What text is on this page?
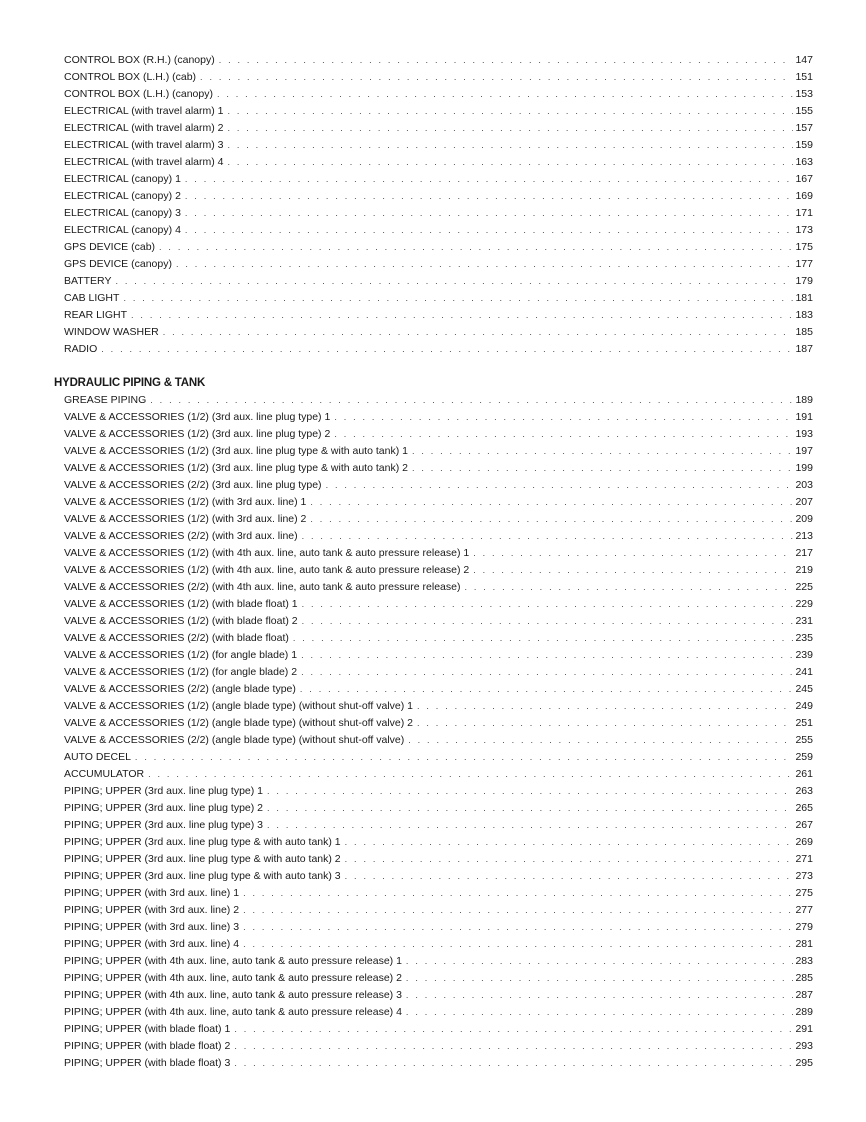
HYDRAULIC PIPING & TANK
CONTROL BOX (R.H.) (canopy) . . .	147
CONTROL BOX (L.H.) (cab) . . .	151
CONTROL BOX (L.H.) (canopy) . . .	153
ELECTRICAL (with travel alarm) 1 . . .	155
ELECTRICAL (with travel alarm) 2 . . .	157
ELECTRICAL (with travel alarm) 3 . . .	159
ELECTRICAL (with travel alarm) 4 . . .	163
ELECTRICAL (canopy) 1 . . .	167
ELECTRICAL (canopy) 2 . . .	169
ELECTRICAL (canopy) 3 . . .	171
ELECTRICAL (canopy) 4 . . .	173
GPS DEVICE (cab) . . .	175
GPS DEVICE (canopy) . . .	177
BATTERY . . .	179
CAB LIGHT . . .	181
REAR LIGHT . . .	183
WINDOW WASHER . . .	185
RADIO . . .	187
GREASE PIPING . . .	189
VALVE & ACCESSORIES (1/2) (3rd aux. line plug type) 1 . . .	191
VALVE & ACCESSORIES (1/2) (3rd aux. line plug type) 2 . . .	193
VALVE & ACCESSORIES (1/2) (3rd aux. line plug type & with auto tank) 1 . . .	197
VALVE & ACCESSORIES (1/2) (3rd aux. line plug type & with auto tank) 2 . . .	199
VALVE & ACCESSORIES (2/2) (3rd aux. line plug type) . . .	203
VALVE & ACCESSORIES (1/2) (with 3rd aux. line) 1 . . .	207
VALVE & ACCESSORIES (1/2) (with 3rd aux. line) 2 . . .	209
VALVE & ACCESSORIES (2/2) (with 3rd aux. line) . . .	213
VALVE & ACCESSORIES (1/2) (with 4th aux. line, auto tank & auto pressure release) 1 . . .	217
VALVE & ACCESSORIES (1/2) (with 4th aux. line, auto tank & auto pressure release) 2 . . .	219
VALVE & ACCESSORIES (2/2) (with 4th aux. line, auto tank & auto pressure release) . . .	225
VALVE & ACCESSORIES (1/2) (with blade float) 1 . . .	229
VALVE & ACCESSORIES (1/2) (with blade float) 2 . . .	231
VALVE & ACCESSORIES (2/2) (with blade float) . . .	235
VALVE & ACCESSORIES (1/2) (for angle blade) 1 . . .	239
VALVE & ACCESSORIES (1/2) (for angle blade) 2 . . .	241
VALVE & ACCESSORIES (2/2) (angle blade type) . . .	245
VALVE & ACCESSORIES (1/2) (angle blade type) (without shut-off valve) 1 . . .	249
VALVE & ACCESSORIES (1/2) (angle blade type) (without shut-off valve) 2 . . .	251
VALVE & ACCESSORIES (2/2) (angle blade type) (without shut-off valve) . . .	255
AUTO DECEL . . .	259
ACCUMULATOR . . .	261
PIPING; UPPER (3rd aux. line plug type) 1 . . .	263
PIPING; UPPER (3rd aux. line plug type) 2 . . .	265
PIPING; UPPER (3rd aux. line plug type) 3 . . .	267
PIPING; UPPER (3rd aux. line plug type & with auto tank) 1 . . .	269
PIPING; UPPER (3rd aux. line plug type & with auto tank) 2 . . .	271
PIPING; UPPER (3rd aux. line plug type & with auto tank) 3 . . .	273
PIPING; UPPER (with 3rd aux. line) 1 . . .	275
PIPING; UPPER (with 3rd aux. line) 2 . . .	277
PIPING; UPPER (with 3rd aux. line) 3 . . .	279
PIPING; UPPER (with 3rd aux. line) 4 . . .	281
PIPING; UPPER (with 4th aux. line, auto tank & auto pressure release) 1 . . .	283
PIPING; UPPER (with 4th aux. line, auto tank & auto pressure release) 2 . . .	285
PIPING; UPPER (with 4th aux. line, auto tank & auto pressure release) 3 . . .	287
PIPING; UPPER (with 4th aux. line, auto tank & auto pressure release) 4 . . .	289
PIPING; UPPER (with blade float) 1 . . .	291
PIPING; UPPER (with blade float) 2 . . .	293
PIPING; UPPER (with blade float) 3 . . .	295
